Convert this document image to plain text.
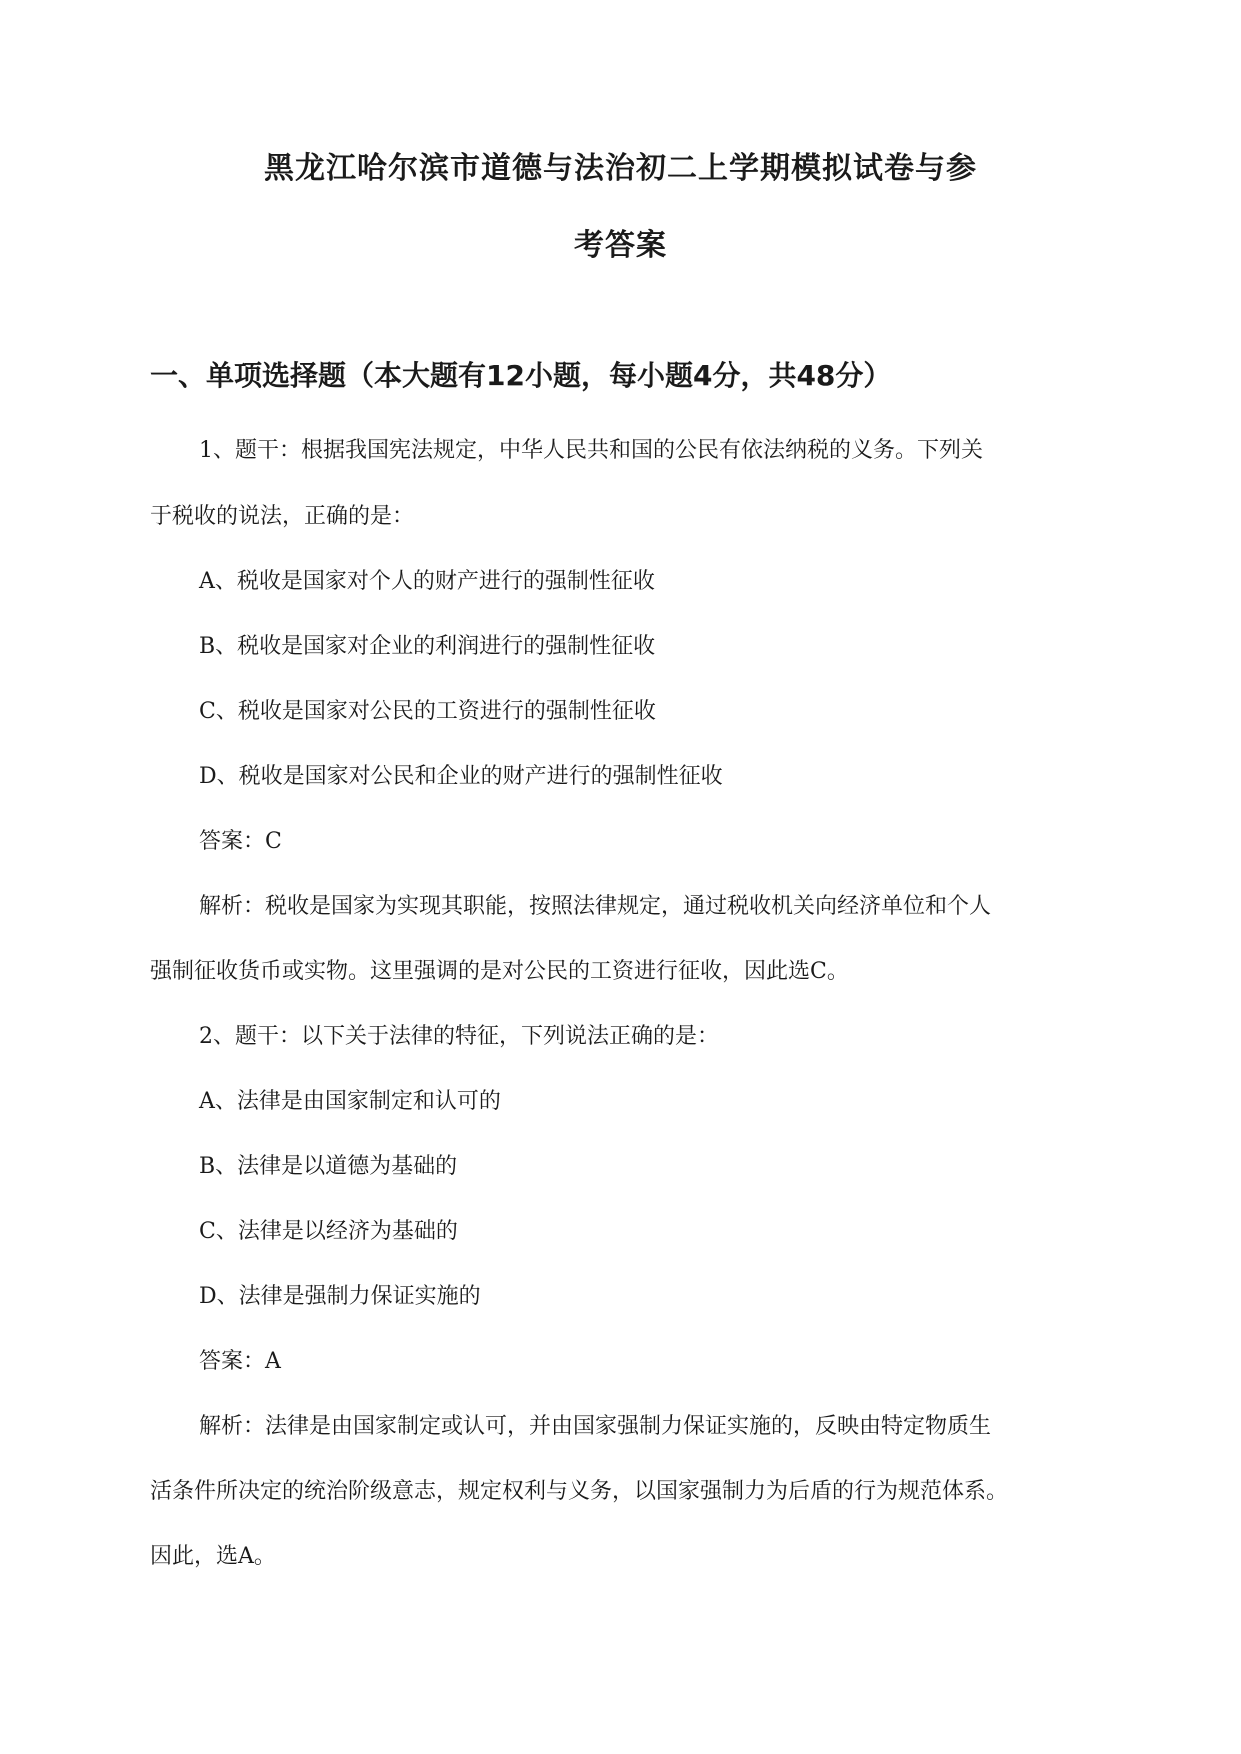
黑龙江哈尔滨市道德与法治初二上学期模拟试卷与参
考答案
一、单项选择题（本大题有12小题，每小题4分，共48分）
1、题干：根据我国宪法规定，中华人民共和国的公民有依法纳税的义务。下列关
于税收的说法，正确的是：
A、税收是国家对个人的财产进行的强制性征收
B、税收是国家对企业的利润进行的强制性征收
C、税收是国家对公民的工资进行的强制性征收
D、税收是国家对公民和企业的财产进行的强制性征收
答案：C
解析：税收是国家为实现其职能，按照法律规定，通过税收机关向经济单位和个人
强制征收货币或实物。这里强调的是对公民的工资进行征收，因此选C。
2、题干：以下关于法律的特征，下列说法正确的是：
A、法律是由国家制定和认可的
B、法律是以道德为基础的
C、法律是以经济为基础的
D、法律是强制力保证实施的
答案：A
解析：法律是由国家制定或认可，并由国家强制力保证实施的，反映由特定物质生
活条件所决定的统治阶级意志，规定权利与义务，以国家强制力为后盾的行为规范体系。
因此，选A。
